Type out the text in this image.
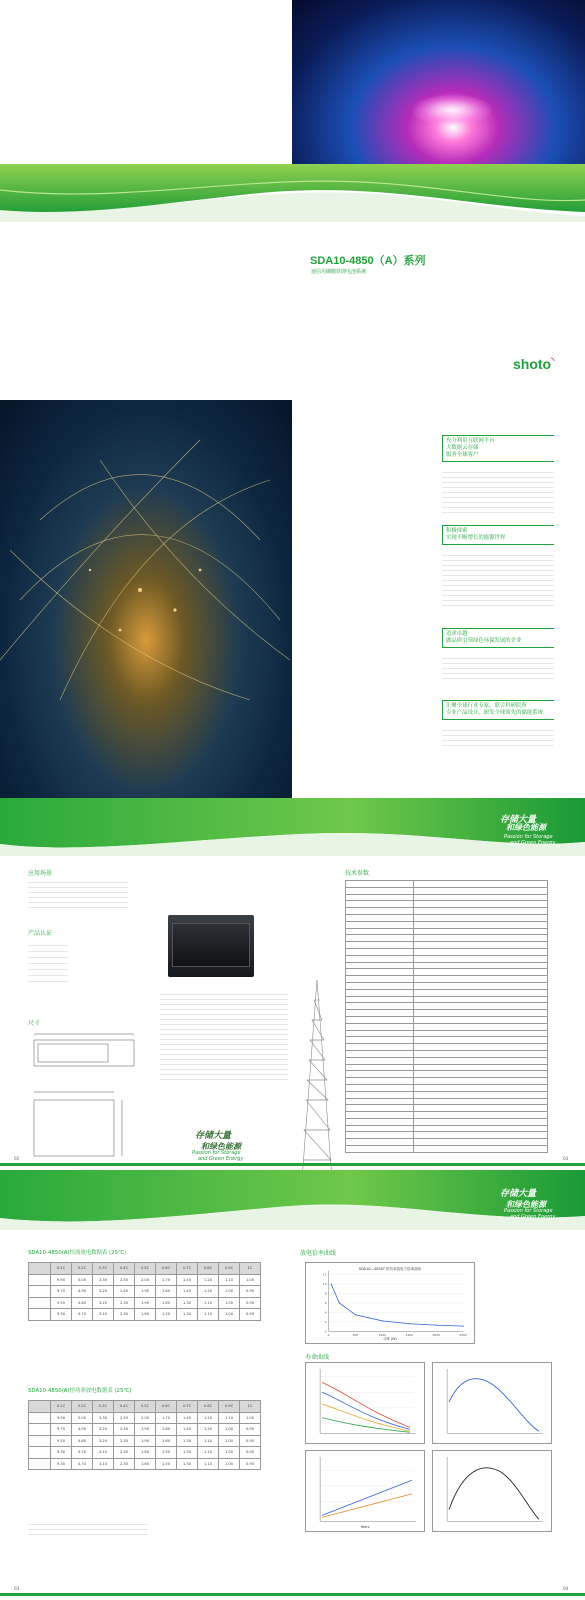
SDA10-4850（A）系列
通信用磷酸铁锂电池系统
shoto◝
充分利用互联网平台
大数据云存储
服务全球客户
积极探索
实现不断增长的能源世界
追求卓越
做品质引领绿色环保发展的企业
汇聚全球行业专家，联合科研院所
专业产品设计，研发全球领先的储能系统
存储大量
和绿色能源
Passion for Storage
and Green Energy
应用场景
产品认证
尺寸
存储大量
和绿色能源
Passion for Storage
and Green Energy
技术参数

02	03
存储大量
和绿色能源
Passion for Storage
and Green Energy
SDA10-4850(A)恒流放电数据表 (25℃)
	0.1C	0.2C	0.3C	0.4C	0.5C	0.6C	0.7C	0.8C	0.9C	1C
	9.90	5.00	3.30	2.50	2.00	1.70	1.40	1.20	1.10	1.00
	9.70	4.90	3.20	2.40	1.90	1.60	1.40	1.20	1.00	0.90
	9.50	4.80	3.20	2.30	1.90	1.60	1.30	1.10	1.00	0.90
	9.30	4.70	3.10	2.30	1.80	1.50	1.30	1.10	1.00	0.90
SDA10-4850(A)恒功率放电数据表 (25℃)
	0.1C	0.2C	0.3C	0.4C	0.5C	0.6C	0.7C	0.8C	0.9C	1C
	9.90	5.00	3.30	2.50	2.00	1.70	1.40	1.20	1.10	1.00
	9.70	4.90	3.20	2.40	1.90	1.60	1.40	1.20	1.00	0.90
	9.50	4.80	3.20	2.30	1.90	1.60	1.30	1.10	1.00	0.90
	9.30	4.70	3.10	2.30	1.80	1.50	1.30	1.10	1.00	0.90
	9.30	4.70	3.10	2.30	1.80	1.50	1.30	1.10	1.00	0.90
放电倍率曲线
SDA10—4850T 恒功率放电下倍率曲线
功率 (W)
0
2
4
6
8
10
12
0	500	1000	1500	2000	2500
寿命曲线
Years
03	04
